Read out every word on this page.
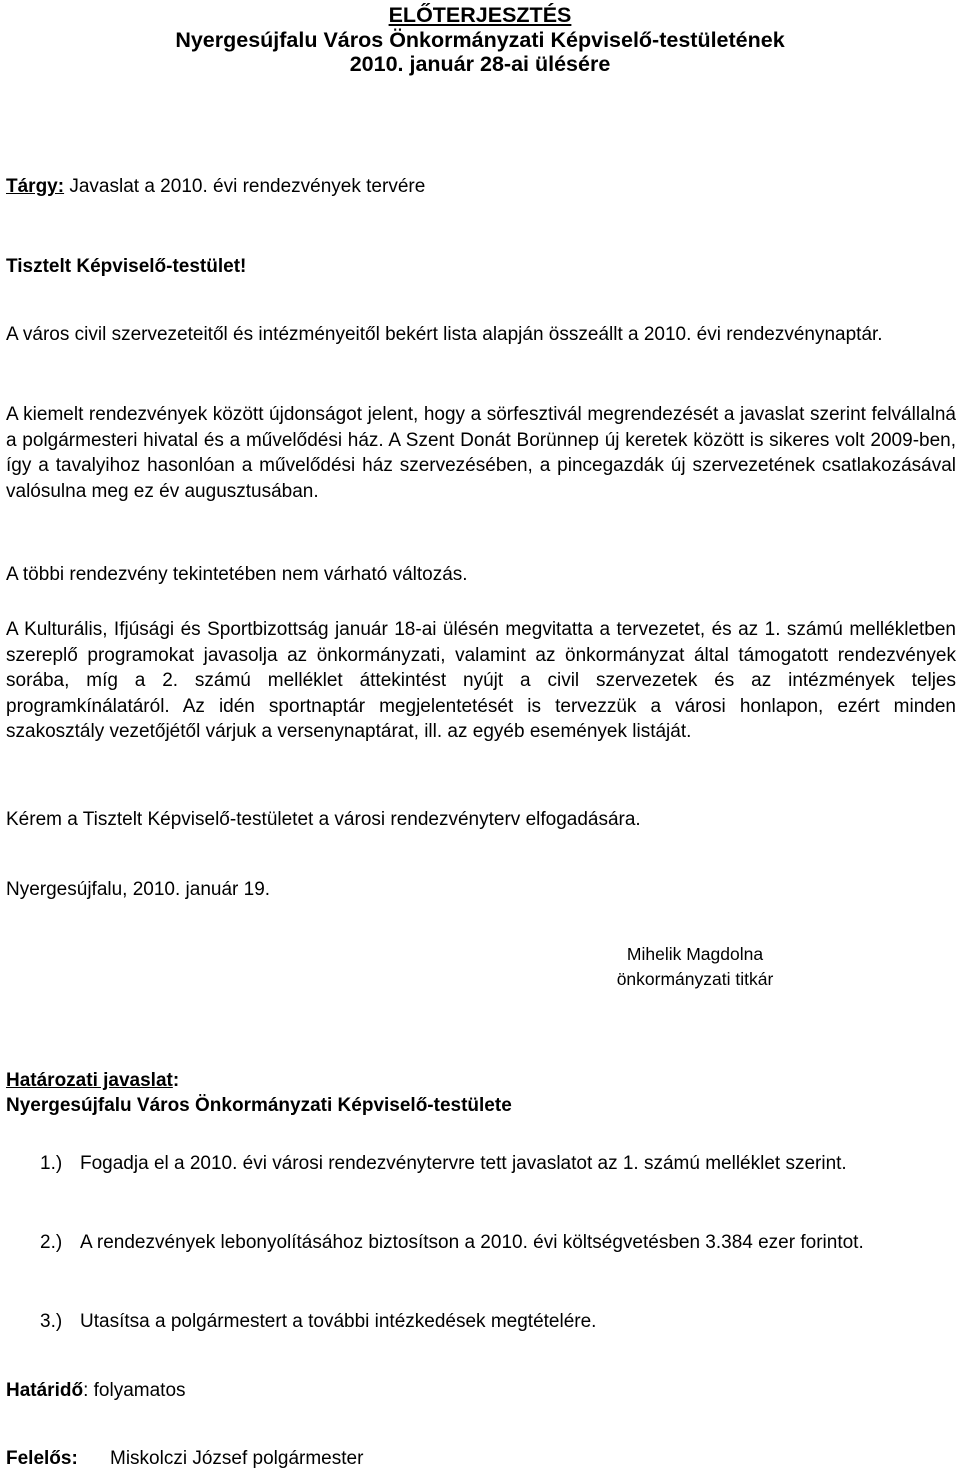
ELŐTERJESZTÉS
Nyergesújfalu Város Önkormányzati Képviselő-testületének
2010. január 28-ai ülésére
Tárgy: Javaslat a 2010. évi rendezvények tervére
Tisztelt Képviselő-testület!
A város civil szervezeteitől és intézményeitől bekért lista alapján összeállt a 2010. évi rendezvénynaptár.
A kiemelt rendezvények között újdonságot jelent, hogy a sörfesztivál megrendezését a javaslat szerint felvállalná a polgármesteri hivatal és a művelődési ház. A Szent Donát Borünnep új keretek között is sikeres volt 2009-ben, így a tavalyihoz hasonlóan a művelődési ház szervezésében, a pincegazdák új szervezetének csatlakozásával valósulna meg ez év augusztusában.
A többi rendezvény tekintetében nem várható változás.
A Kulturális, Ifjúsági és Sportbizottság január 18-ai ülésén megvitatta a tervezetet, és az 1. számú mellékletben szereplő programokat javasolja az önkormányzati, valamint az önkormányzat által támogatott rendezvények sorába, míg a 2. számú melléklet áttekintést nyújt a civil szervezetek és az intézmények teljes programkínálatáról. Az idén sportnaptár megjelentetését is tervezzük a városi honlapon, ezért minden szakosztály vezetőjétől várjuk a versenynaptárat, ill. az egyéb események listáját.
Kérem a Tisztelt Képviselő-testületet a városi rendezvényterv elfogadására.
Nyergesújfalu, 2010. január 19.
Mihelik Magdolna
önkormányzati titkár
Határozati javaslat:
Nyergesújfalu Város Önkormányzati Képviselő-testülete
1.) Fogadja el a 2010. évi városi rendezvénytervre tett javaslatot az 1. számú melléklet szerint.
2.) A rendezvények lebonyolításához biztosítson a 2010. évi költségvetésben 3.384 ezer forintot.
3.) Utasítsa a polgármestert a további intézkedések megtételére.
Határidő: folyamatos
Felelős: Miskolczi József polgármester
